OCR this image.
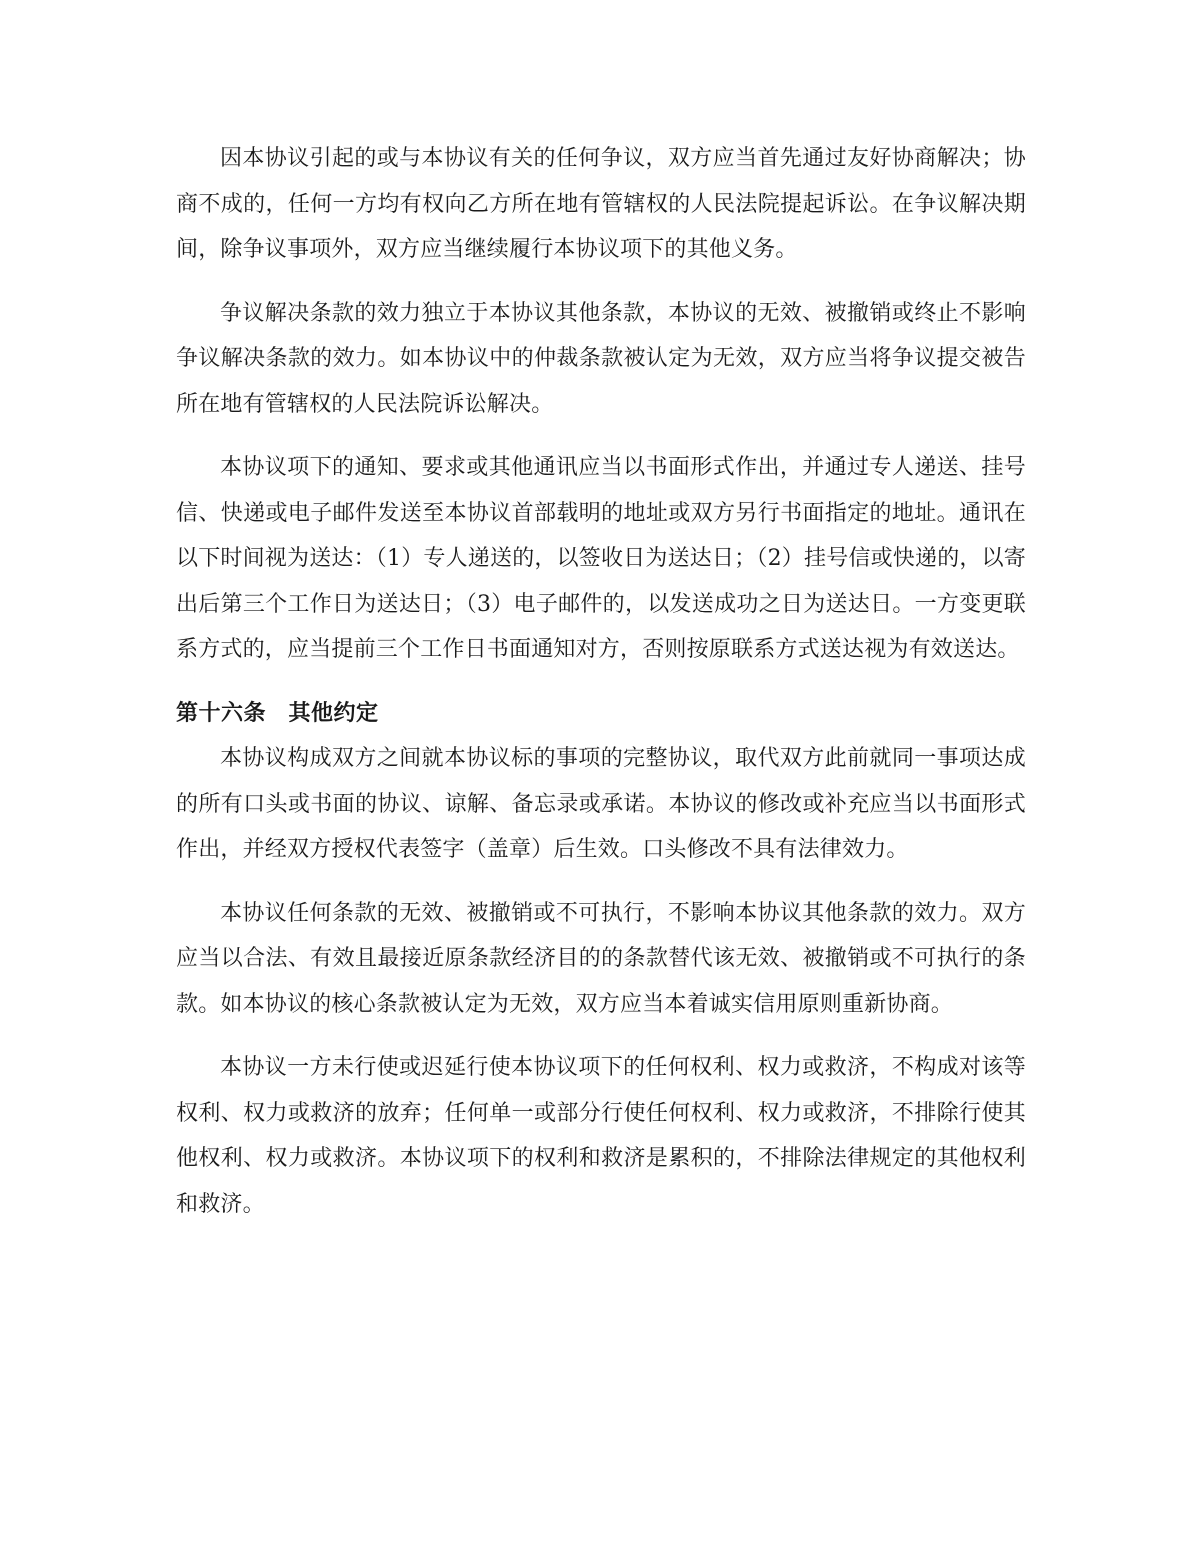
因本协议引起的或与本协议有关的任何争议，双方应当首先通过友好协商解决；协商不成的，任何一方均有权向乙方所在地有管辖权的人民法院提起诉讼。在争议解决期间，除争议事项外，双方应当继续履行本协议项下的其他义务。

争议解决条款的效力独立于本协议其他条款，本协议的无效、被撤销或终止不影响争议解决条款的效力。如本协议中的仲裁条款被认定为无效，双方应当将争议提交被告所在地有管辖权的人民法院诉讼解决。

本协议项下的通知、要求或其他通讯应当以书面形式作出，并通过专人递送、挂号信、快递或电子邮件发送至本协议首部载明的地址或双方另行书面指定的地址。通讯在以下时间视为送达：（1）专人递送的，以签收日为送达日；（2）挂号信或快递的，以寄出后第三个工作日为送达日；（3）电子邮件的，以发送成功之日为送达日。一方变更联系方式的，应当提前三个工作日书面通知对方，否则按原联系方式送达视为有效送达。

第十六条　其他约定

本协议构成双方之间就本协议标的事项的完整协议，取代双方此前就同一事项达成的所有口头或书面的协议、谅解、备忘录或承诺。本协议的修改或补充应当以书面形式作出，并经双方授权代表签字（盖章）后生效。口头修改不具有法律效力。

本协议任何条款的无效、被撤销或不可执行，不影响本协议其他条款的效力。双方应当以合法、有效且最接近原条款经济目的的条款替代该无效、被撤销或不可执行的条款。如本协议的核心条款被认定为无效，双方应当本着诚实信用原则重新协商。

本协议一方未行使或迟延行使本协议项下的任何权利、权力或救济，不构成对该等权利、权力或救济的放弃；任何单一或部分行使任何权利、权力或救济，不排除行使其他权利、权力或救济。本协议项下的权利和救济是累积的，不排除法律规定的其他权利和救济。
